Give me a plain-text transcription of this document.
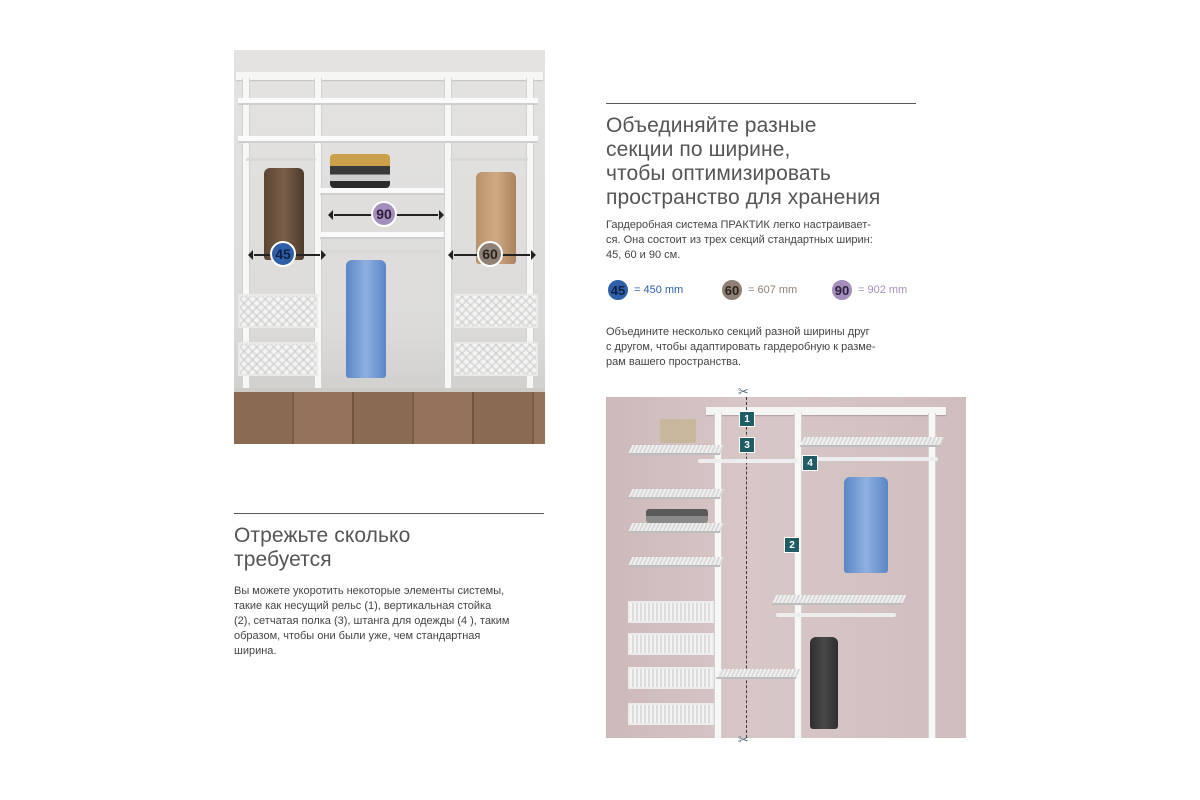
90
45	60
Объединяйте разные
секции по ширине,
чтобы оптимизировать
пространство для хранения

Гардеробная система ПРАКТИК легко настраивает-
ся. Она состоит из трех секций стандартных ширин:
45, 60 и 90 см.

45 = 450 mm	60 = 607 mm	90 = 902 mm

Объедините несколько секций разной ширины друг
с другом, чтобы адаптировать гардеробную к разме-
рам вашего пространства.

Отрежьте сколько
требуется

Вы можете укоротить некоторые элементы системы,
такие как несущий рельс (1), вертикальная стойка
(2), сетчатая полка (3), штанга для одежды (4 ), таким
образом, чтобы они были уже, чем стандартная
ширина.

1
3
4
2
✂
✂
